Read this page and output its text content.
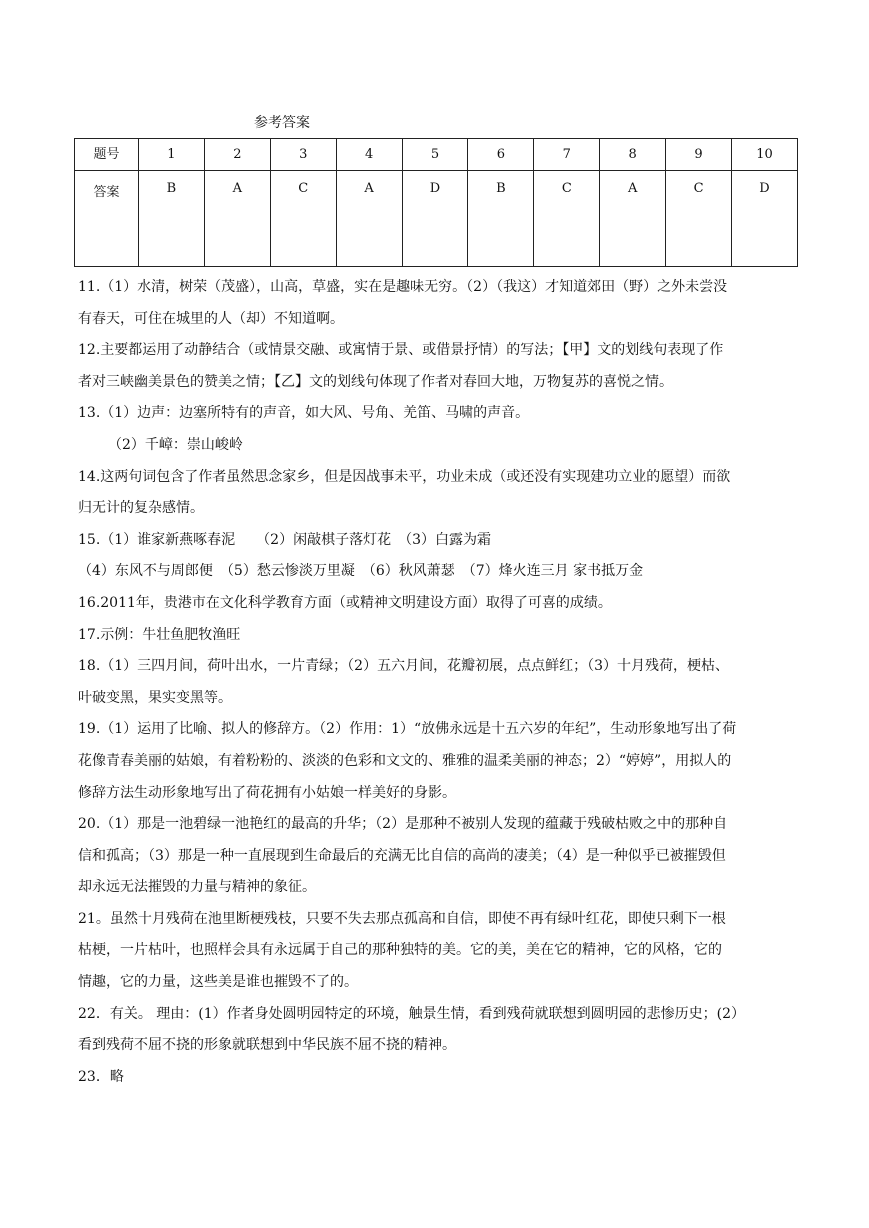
参考答案
题号	1	2	3	4	5	6	7	8	9	10
答案	B	A	C	A	D	B	C	A	C	D
11.（1）水清，树荣（茂盛），山高，草盛，实在是趣味无穷。（2）（我这）才知道郊田（野）之外未尝没
有春天，可住在城里的人（却）不知道啊。
12.主要都运用了动静结合（或情景交融、或寓情于景、或借景抒情）的写法；【甲】文的划线句表现了作
者对三峡幽美景色的赞美之情；【乙】文的划线句体现了作者对春回大地，万物复苏的喜悦之情。
13.（1）边声：边塞所特有的声音，如大风、号角、羌笛、马啸的声音。
（2）千嶂：崇山峻岭
14.这两句词包含了作者虽然思念家乡，但是因战事未平，功业未成（或还没有实现建功立业的愿望）而欲
归无计的复杂感情。
15.（1）谁家新燕啄春泥　　（2）闲敲棋子落灯花　（3）白露为霜
（4）东风不与周郎便　（5）愁云惨淡万里凝　（6）秋风萧瑟　（7）烽火连三月 家书抵万金
16.2011年，贵港市在文化科学教育方面（或精神文明建设方面）取得了可喜的成绩。
17.示例：牛壮鱼肥牧渔旺
18.（1）三四月间，荷叶出水，一片青绿；（2）五六月间，花瓣初展，点点鲜红；（3）十月残荷，梗枯、
叶破变黑，果实变黑等。
19.（1）运用了比喻、拟人的修辞方。（2）作用：1）“放佛永远是十五六岁的年纪”，生动形象地写出了荷
花像青春美丽的姑娘，有着粉粉的、淡淡的色彩和文文的、雅雅的温柔美丽的神态；2）“婷婷”，用拟人的
修辞方法生动形象地写出了荷花拥有小姑娘一样美好的身影。
20.（1）那是一池碧绿一池艳红的最高的升华；（2）是那种不被别人发现的蕴藏于残破枯败之中的那种自
信和孤高；（3）那是一种一直展现到生命最后的充满无比自信的高尚的凄美；（4）是一种似乎已被摧毁但
却永远无法摧毁的力量与精神的象征。
21。虽然十月残荷在池里断梗残枝，只要不失去那点孤高和自信，即使不再有绿叶红花，即使只剩下一根
枯梗，一片枯叶，也照样会具有永远属于自己的那种独特的美。它的美，美在它的精神，它的风格，它的
情趣，它的力量，这些美是谁也摧毁不了的。
22．有关。 理由：(1）作者身处圆明园特定的环境，触景生情，看到残荷就联想到圆明园的悲惨历史；(2）
看到残荷不屈不挠的形象就联想到中华民族不屈不挠的精神。
23．略
